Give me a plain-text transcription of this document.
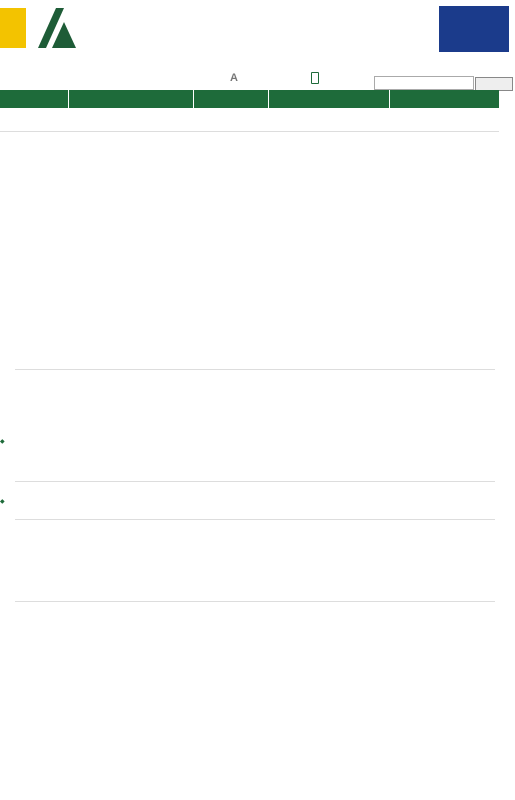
A
◆
◆
